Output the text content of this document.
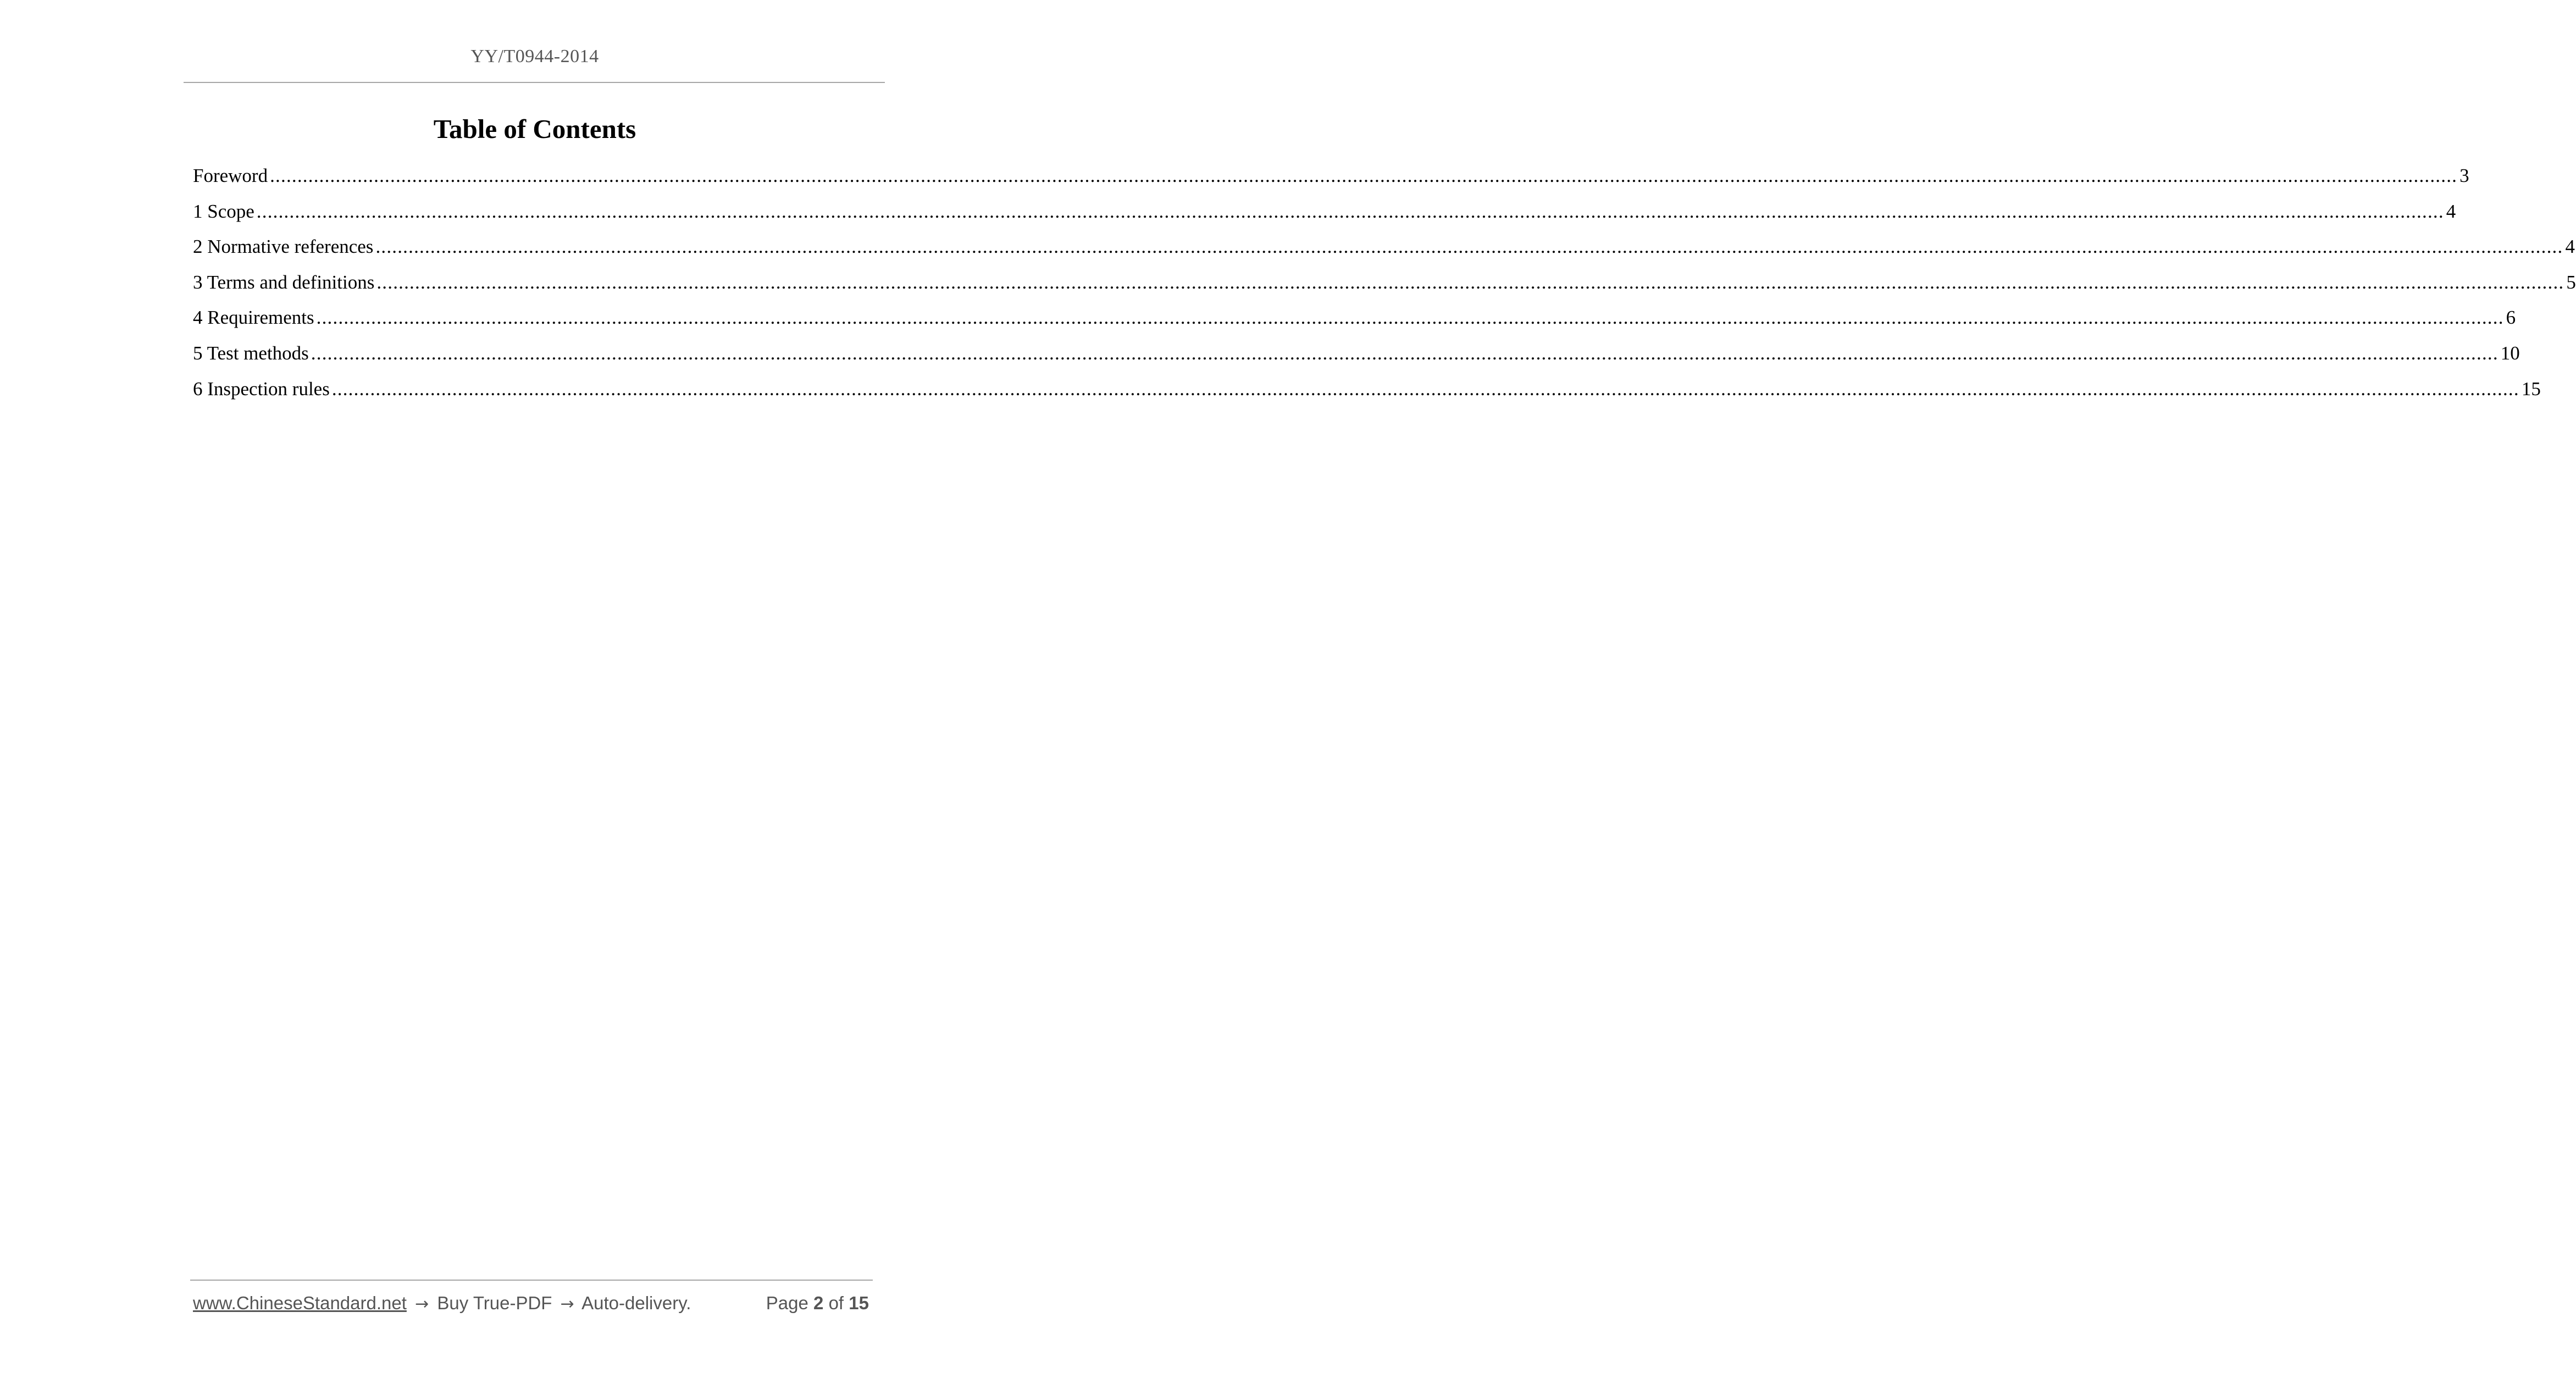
YY/T0944-2014
Table of Contents
Foreword ................................................................................................................................................................................................................................................................................................................................................................................................................ 3
1 Scope ................................................................................................................................................................................................................................................................................................................................................................................................................ 4
2 Normative references ................................................................................................................................................................................................................................................................................................................................................................................................................ 4
3 Terms and definitions ................................................................................................................................................................................................................................................................................................................................................................................................................ 5
4 Requirements ................................................................................................................................................................................................................................................................................................................................................................................................................ 6
5 Test methods ................................................................................................................................................................................................................................................................................................................................................................................................................ 10
6 Inspection rules ................................................................................................................................................................................................................................................................................................................................................................................................................ 15
www.ChineseStandard.net → Buy True-PDF → Auto-delivery.	Page 2 of 15
